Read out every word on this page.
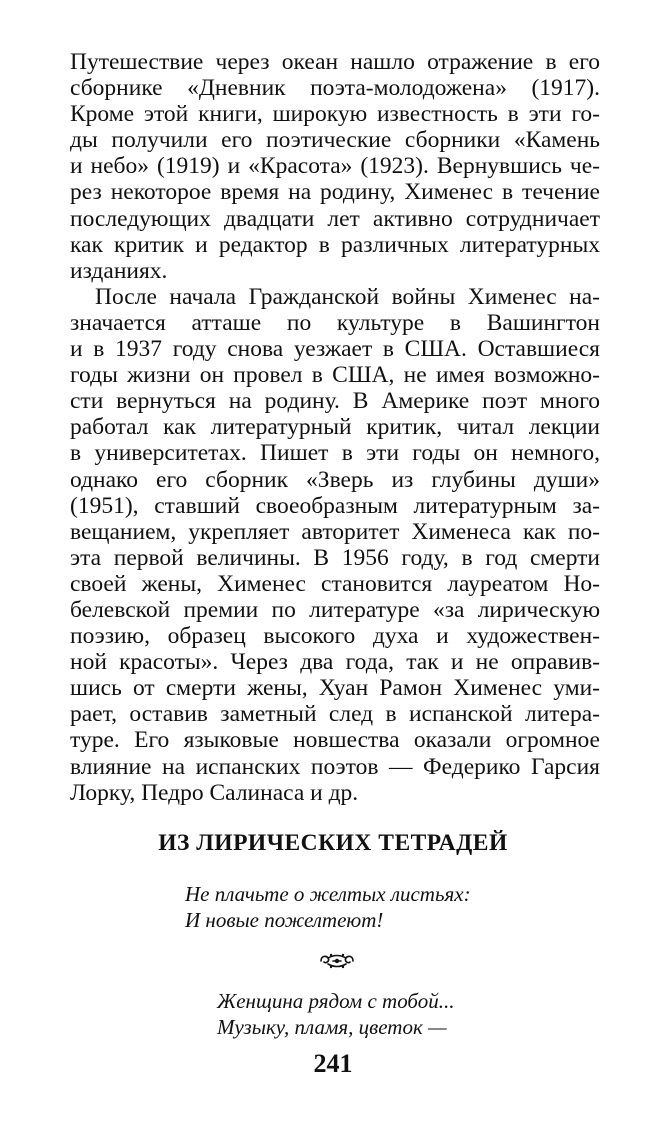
Путешествие через океан нашло отражение в его
сборнике «Дневник поэта-молодожена» (1917).
Кроме этой книги, широкую известность в эти го-
ды получили его поэтические сборники «Камень
и небо» (1919) и «Красота» (1923). Вернувшись че-
рез некоторое время на родину, Хименес в течение
последующих двадцати лет активно сотрудничает
как критик и редактор в различных литературных
изданиях.
После начала Гражданской войны Хименес на-
значается атташе по культуре в Вашингтон
и в 1937 году снова уезжает в США. Оставшиеся
годы жизни он провел в США, не имея возможно-
сти вернуться на родину. В Америке поэт много
работал как литературный критик, читал лекции
в университетах. Пишет в эти годы он немного,
однако его сборник «Зверь из глубины души»
(1951), ставший своеобразным литературным за-
вещанием, укрепляет авторитет Хименеса как по-
эта первой величины. В 1956 году, в год смерти
своей жены, Хименес становится лауреатом Но-
белевской премии по литературе «за лирическую
поэзию, образец высокого духа и художествен-
ной красоты». Через два года, так и не оправив-
шись от смерти жены, Хуан Рамон Хименес уми-
рает, оставив заметный след в испанской литера-
туре. Его языковые новшества оказали огромное
влияние на испанских поэтов — Федерико Гарсия
Лорку, Педро Салинаса и др.
ИЗ ЛИРИЧЕСКИХ ТЕТРАДЕЙ
Не плачьте о желтых листьях:
И новые пожелтеют!
Женщина рядом с тобой...
Музыку, пламя, цветок —
241
